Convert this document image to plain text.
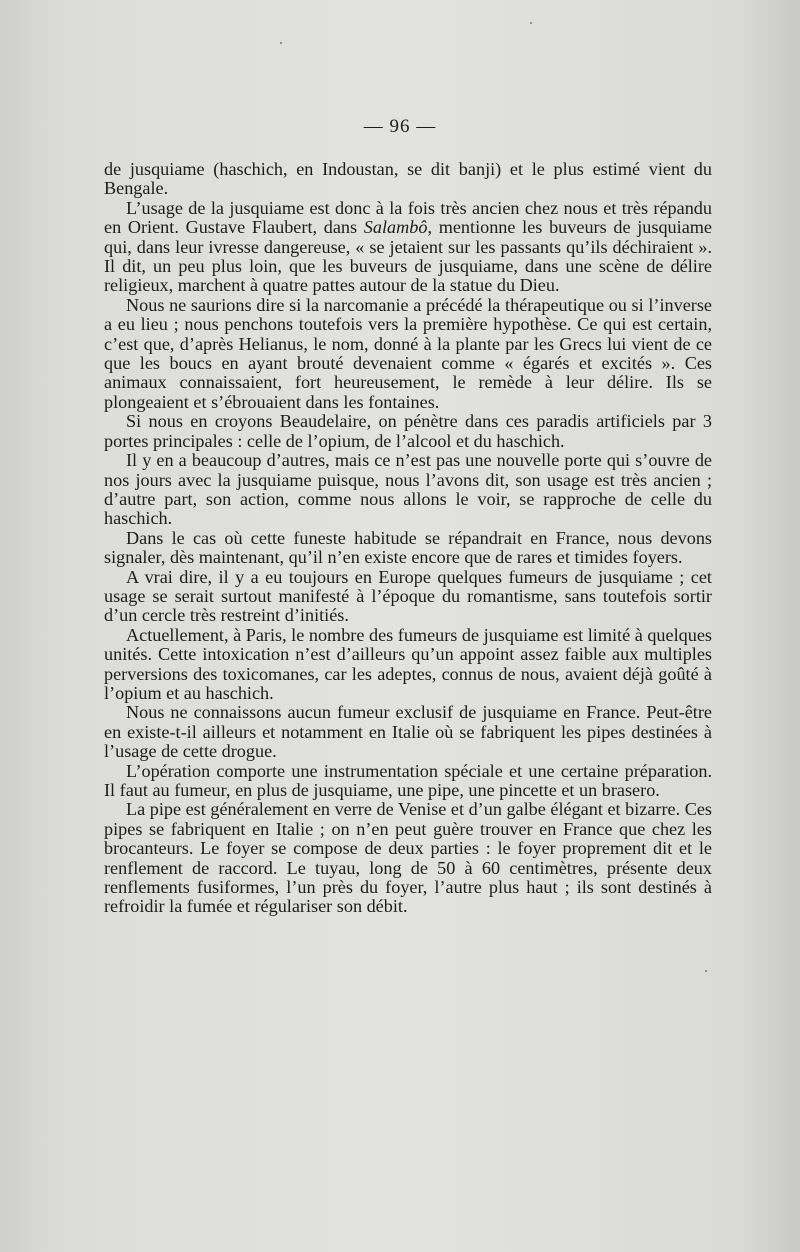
— 96 —

de jusquiame (haschich, en Indoustan, se dit banji) et le plus estimé vient du Bengale.

L’usage de la jusquiame est donc à la fois très ancien chez nous et très répandu en Orient. Gustave Flaubert, dans Salambô, mentionne les buveurs de jusquiame qui, dans leur ivresse dangereuse, « se jetaient sur les passants qu’ils déchiraient ». Il dit, un peu plus loin, que les buveurs de jusquiame, dans une scène de délire religieux, marchent à quatre pattes autour de la statue du Dieu.

Nous ne saurions dire si la narcomanie a précédé la thérapeutique ou si l’inverse a eu lieu ; nous penchons toutefois vers la première hypothèse. Ce qui est certain, c’est que, d’après Helianus, le nom, donné à la plante par les Grecs lui vient de ce que les boucs en ayant brouté devenaient comme « égarés et excités ». Ces animaux connaissaient, fort heureusement, le remède à leur délire. Ils se plongeaient et s’ébrouaient dans les fontaines.

Si nous en croyons Beaudelaire, on pénètre dans ces paradis artificiels par 3 portes principales : celle de l’opium, de l’alcool et du haschich.

Il y en a beaucoup d’autres, mais ce n’est pas une nouvelle porte qui s’ouvre de nos jours avec la jusquiame puisque, nous l’avons dit, son usage est très ancien ; d’autre part, son action, comme nous allons le voir, se rapproche de celle du haschich.

Dans le cas où cette funeste habitude se répandrait en France, nous devons signaler, dès maintenant, qu’il n’en existe encore que de rares et timides foyers.

A vrai dire, il y a eu toujours en Europe quelques fumeurs de jusquiame ; cet usage se serait surtout manifesté à l’époque du romantisme, sans toutefois sortir d’un cercle très restreint d’initiés.

Actuellement, à Paris, le nombre des fumeurs de jusquiame est limité à quelques unités. Cette intoxication n’est d’ailleurs qu’un appoint assez faible aux multiples perversions des toxicomanes, car les adeptes, connus de nous, avaient déjà goûté à l’opium et au haschich.

Nous ne connaissons aucun fumeur exclusif de jusquiame en France. Peut-être en existe-t-il ailleurs et notamment en Italie où se fabriquent les pipes destinées à l’usage de cette drogue.

L’opération comporte une instrumentation spéciale et une certaine préparation. Il faut au fumeur, en plus de jusquiame, une pipe, une pincette et un brasero.

La pipe est généralement en verre de Venise et d’un galbe élégant et bizarre. Ces pipes se fabriquent en Italie ; on n’en peut guère trouver en France que chez les brocanteurs. Le foyer se compose de deux parties : le foyer proprement dit et le renflement de raccord. Le tuyau, long de 50 à 60 centimètres, présente deux renflements fusiformes, l’un près du foyer, l’autre plus haut ; ils sont destinés à refroidir la fumée et régulariser son débit.
